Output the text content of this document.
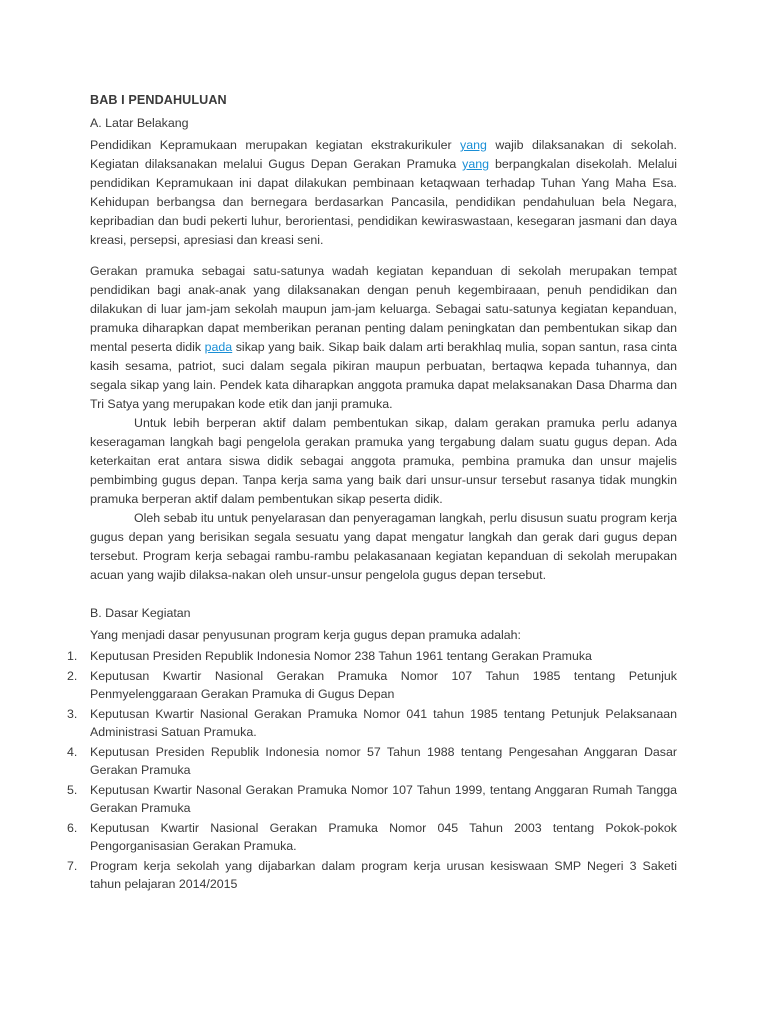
BAB I PENDAHULUAN
A. Latar Belakang

Pendidikan Kepramukaan merupakan kegiatan ekstrakurikuler yang wajib dilaksanakan di sekolah. Kegiatan dilaksanakan melalui Gugus Depan Gerakan Pramuka yang berpangkalan disekolah. Melalui pendidikan Kepramukaan ini dapat dilakukan pembinaan ketaqwaan terhadap Tuhan Yang Maha Esa. Kehidupan berbangsa dan bernegara berdasarkan Pancasila, pendidikan pendahuluan bela Negara, kepribadian dan budi pekerti luhur, berorientasi, pendidikan kewiraswastaan, kesegaran jasmani dan daya kreasi, persepsi, apresiasi dan kreasi seni.

Gerakan pramuka sebagai satu-satunya wadah kegiatan kepanduan di sekolah merupakan tempat pendidikan bagi anak-anak yang dilaksanakan dengan penuh kegembiraaan, penuh pendidikan dan dilakukan di luar jam-jam sekolah maupun jam-jam keluarga. Sebagai satu-satunya kegiatan kepanduan, pramuka diharapkan dapat memberikan peranan penting dalam peningkatan dan pembentukan sikap dan mental peserta didik pada sikap yang baik. Sikap baik dalam arti berakhlaq mulia, sopan santun, rasa cinta kasih sesama, patriot, suci dalam segala pikiran maupun perbuatan, bertaqwa kepada tuhannya, dan segala sikap yang lain. Pendek kata diharapkan anggota pramuka dapat melaksanakan Dasa Dharma dan Tri Satya yang merupakan kode etik dan janji pramuka.

Untuk lebih berperan aktif dalam pembentukan sikap, dalam gerakan pramuka perlu adanya keseragaman langkah bagi pengelola gerakan pramuka yang tergabung dalam suatu gugus depan. Ada keterkaitan erat antara siswa didik sebagai anggota pramuka, pembina pramuka dan unsur majelis pembimbing gugus depan. Tanpa kerja sama yang baik dari unsur-unsur tersebut rasanya tidak mungkin pramuka berperan aktif dalam pembentukan sikap peserta didik.

Oleh sebab itu untuk penyelarasan dan penyeragaman langkah, perlu disusun suatu program kerja gugus depan yang berisikan segala sesuatu yang dapat mengatur langkah dan gerak dari gugus depan tersebut. Program kerja sebagai rambu-rambu pelakasanaan kegiatan kepanduan di sekolah merupakan acuan yang wajib dilaksa-nakan oleh unsur-unsur pengelola gugus depan tersebut.

B. Dasar Kegiatan
Yang menjadi dasar penyusunan program kerja gugus depan pramuka adalah:
1.	Keputusan Presiden Republik Indonesia Nomor 238 Tahun 1961 tentang Gerakan Pramuka
2.	Keputusan Kwartir Nasional Gerakan Pramuka Nomor 107 Tahun 1985 tentang Petunjuk Penmyelenggaraan Gerakan Pramuka di Gugus Depan
3.	Keputusan Kwartir Nasional Gerakan Pramuka Nomor 041 tahun 1985 tentang Petunjuk Pelaksanaan Administrasi Satuan Pramuka.
4.	Keputusan Presiden Republik Indonesia nomor 57 Tahun 1988 tentang Pengesahan Anggaran Dasar Gerakan Pramuka
5.	Keputusan Kwartir Nasonal Gerakan Pramuka Nomor 107 Tahun 1999, tentang Anggaran Rumah Tangga Gerakan Pramuka
6.	Keputusan Kwartir Nasional Gerakan Pramuka Nomor 045 Tahun 2003 tentang Pokok-pokok Pengorganisasian Gerakan Pramuka.
7.	Program kerja sekolah yang dijabarkan dalam program kerja urusan kesiswaan SMP Negeri 3 Saketi tahun pelajaran 2014/2015
